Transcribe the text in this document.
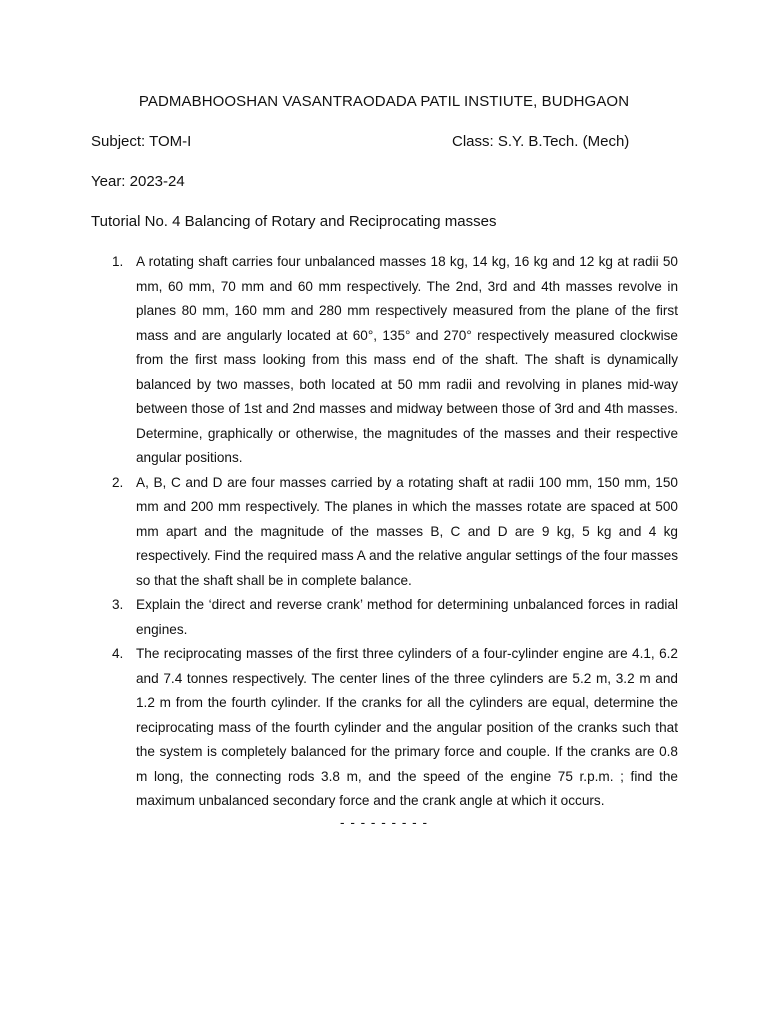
PADMABHOOSHAN VASANTRAODADA PATIL INSTIUTE, BUDHGAON
Subject: TOM-I	Class: S.Y. B.Tech. (Mech)
Year: 2023-24
Tutorial No. 4 Balancing of Rotary and Reciprocating masses
1. A rotating shaft carries four unbalanced masses 18 kg, 14 kg, 16 kg and 12 kg at radii 50 mm, 60 mm, 70 mm and 60 mm respectively. The 2nd, 3rd and 4th masses revolve in planes 80 mm, 160 mm and 280 mm respectively measured from the plane of the first mass and are angularly located at 60°, 135° and 270° respectively measured clockwise from the first mass looking from this mass end of the shaft. The shaft is dynamically balanced by two masses, both located at 50 mm radii and revolving in planes mid-way between those of 1st and 2nd masses and midway between those of 3rd and 4th masses. Determine, graphically or otherwise, the magnitudes of the masses and their respective angular positions.
2. A, B, C and D are four masses carried by a rotating shaft at radii 100 mm, 150 mm, 150 mm and 200 mm respectively. The planes in which the masses rotate are spaced at 500 mm apart and the magnitude of the masses B, C and D are 9 kg, 5 kg and 4 kg respectively. Find the required mass A and the relative angular settings of the four masses so that the shaft shall be in complete balance.
3. Explain the ‘direct and reverse crank’ method for determining unbalanced forces in radial engines.
4. The reciprocating masses of the first three cylinders of a four-cylinder engine are 4.1, 6.2 and 7.4 tonnes respectively. The center lines of the three cylinders are 5.2 m, 3.2 m and 1.2 m from the fourth cylinder. If the cranks for all the cylinders are equal, determine the reciprocating mass of the fourth cylinder and the angular position of the cranks such that the system is completely balanced for the primary force and couple. If the cranks are 0.8 m long, the connecting rods 3.8 m, and the speed of the engine 75 r.p.m. ; find the maximum unbalanced secondary force and the crank angle at which it occurs.
- - - - - - - - -
